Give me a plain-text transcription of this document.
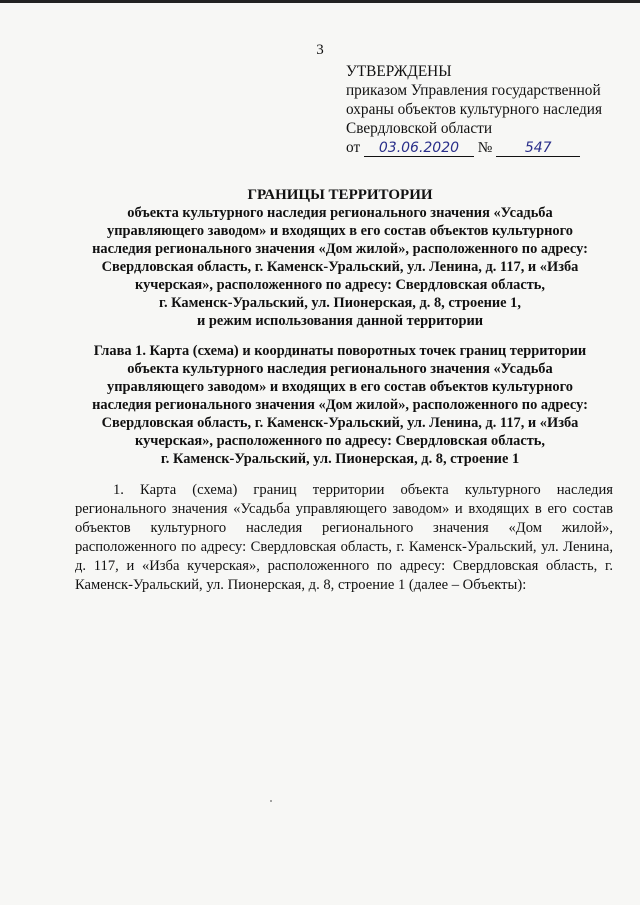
3
УТВЕРЖДЕНЫ
приказом Управления государственной
охраны объектов культурного наследия
Свердловской области
от 03.06.2020 № 547
ГРАНИЦЫ ТЕРРИТОРИИ
объекта культурного наследия регионального значения «Усадьба
управляющего заводом» и входящих в его состав объектов культурного
наследия регионального значения «Дом жилой», расположенного по адресу:
Свердловская область, г. Каменск-Уральский, ул. Ленина, д. 117, и «Изба
кучерская», расположенного по адресу: Свердловская область,
г. Каменск-Уральский, ул. Пионерская, д. 8, строение 1,
и режим использования данной территории
Глава 1. Карта (схема) и координаты поворотных точек границ территории
объекта культурного наследия регионального значения «Усадьба
управляющего заводом» и входящих в его состав объектов культурного
наследия регионального значения «Дом жилой», расположенного по адресу:
Свердловская область, г. Каменск-Уральский, ул. Ленина, д. 117, и «Изба
кучерская», расположенного по адресу: Свердловская область,
г. Каменск-Уральский, ул. Пионерская, д. 8, строение 1
1. Карта (схема) границ территории объекта культурного наследия регионального значения «Усадьба управляющего заводом» и входящих в его состав объектов культурного наследия регионального значения «Дом жилой», расположенного по адресу: Свердловская область, г. Каменск-Уральский, ул. Ленина, д. 117, и «Изба кучерская», расположенного по адресу: Свердловская область, г. Каменск-Уральский, ул. Пионерская, д. 8, строение 1 (далее – Объекты):
